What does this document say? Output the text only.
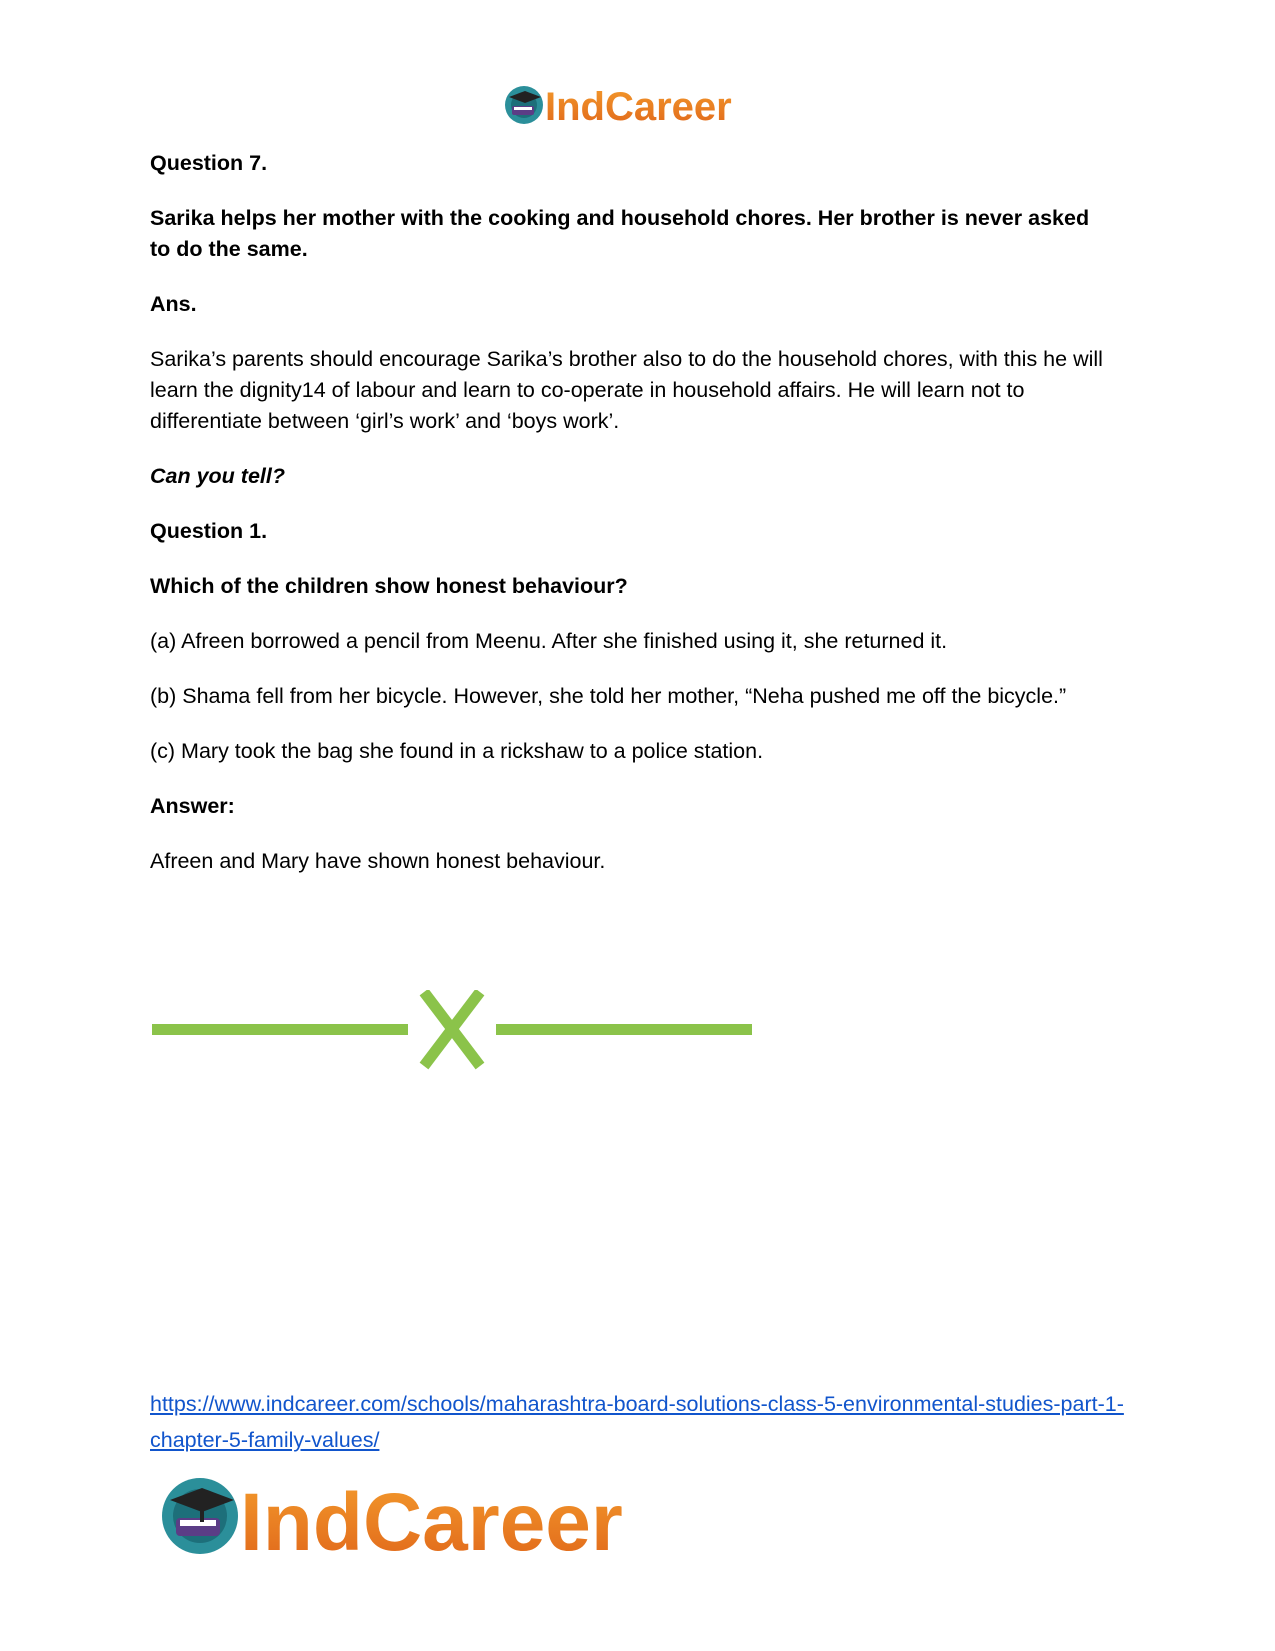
IndCareer

Question 7.

Sarika helps her mother with the cooking and household chores. Her brother is never asked to do the same.

Ans.

Sarika’s parents should encourage Sarika’s brother also to do the household chores, with this he will learn the dignity14 of labour and learn to co-operate in household affairs. He will learn not to differentiate between ‘girl’s work’ and ‘boys work’.

Can you tell?

Question 1.

Which of the children show honest behaviour?

(a) Afreen borrowed a pencil from Meenu. After she finished using it, she returned it.

(b) Shama fell from her bicycle. However, she told her mother, “Neha pushed me off the bicycle.”

(c) Mary took the bag she found in a rickshaw to a police station.

Answer:

Afreen and Mary have shown honest behaviour.

https://www.indcareer.com/schools/maharashtra-board-solutions-class-5-environmental-studies-part-1-chapter-5-family-values/
IndCareer
